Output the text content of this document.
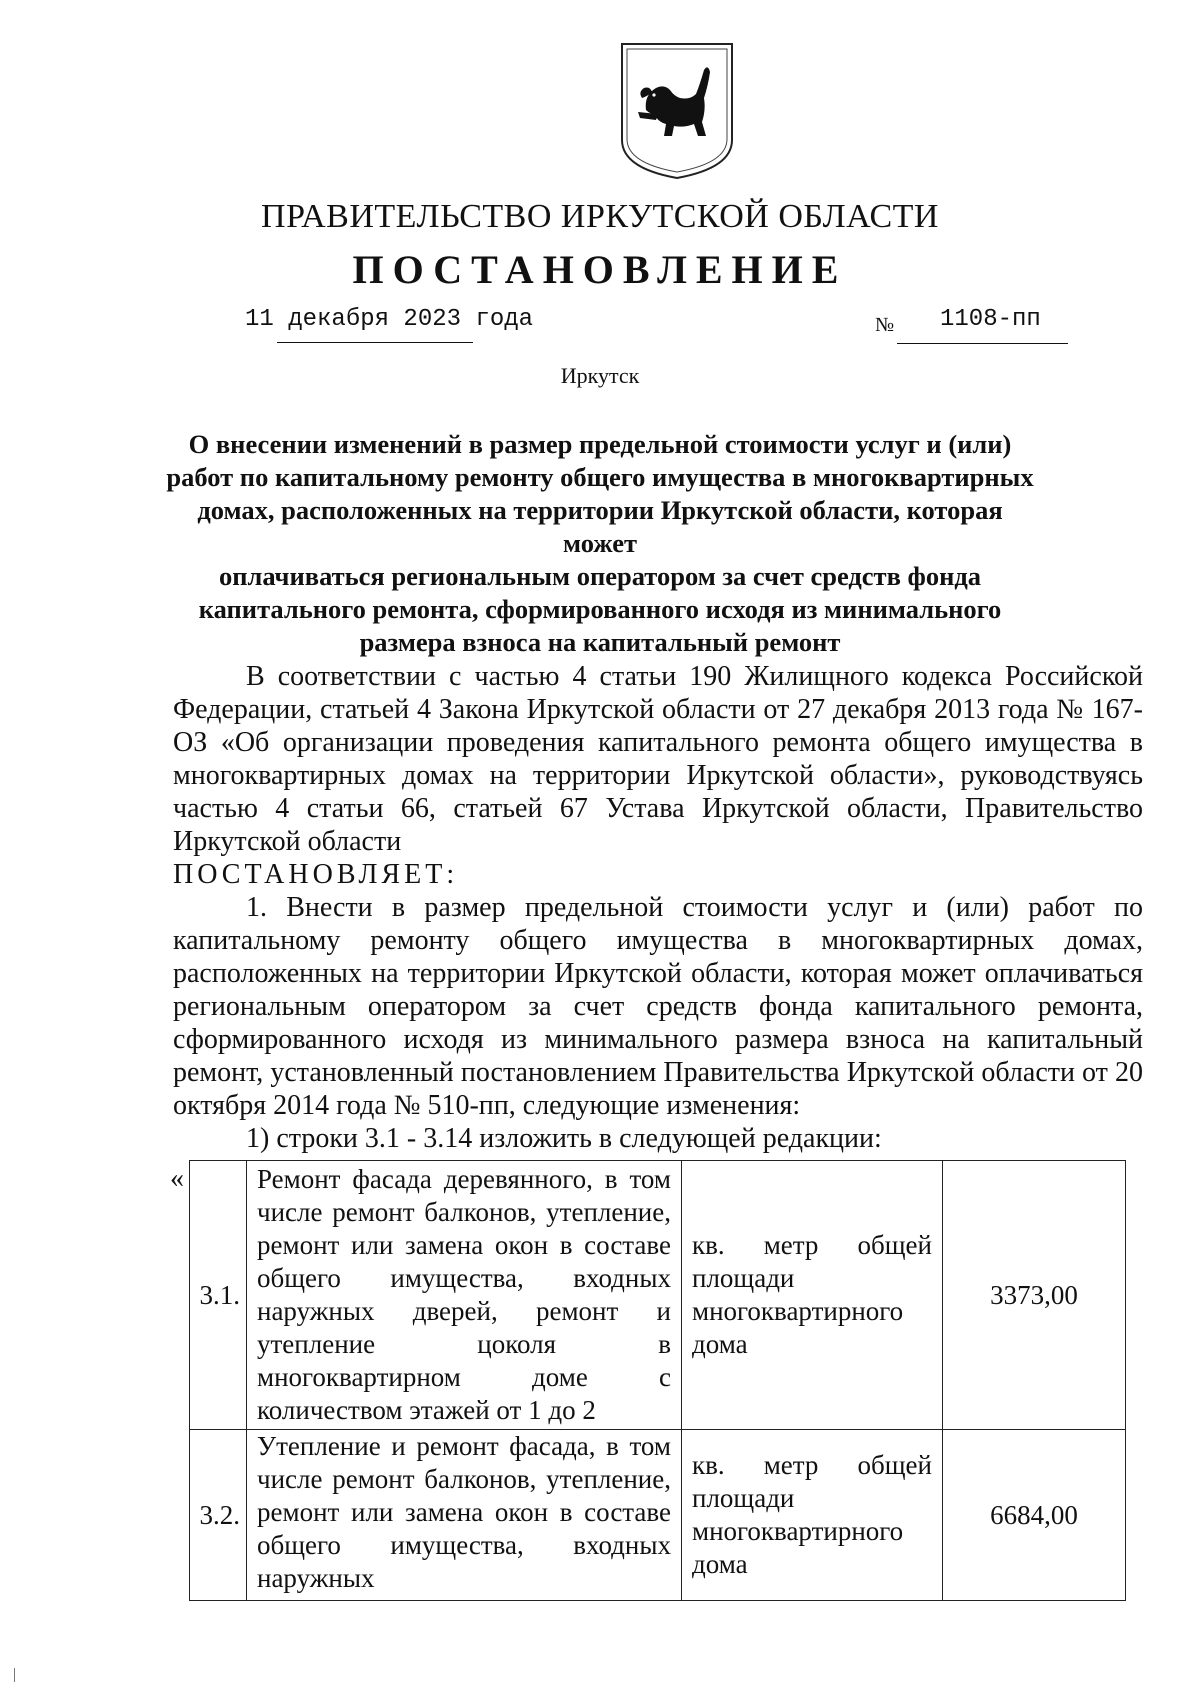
ПРАВИТЕЛЬСТВО ИРКУТСКОЙ ОБЛАСТИ
ПОСТАНОВЛЕНИЕ
11 декабря 2023 года	№ 1108-пп
Иркутск
О внесении изменений в размер предельной стоимости услуг и (или)
работ по капитальному ремонту общего имущества в многоквартирных
домах, расположенных на территории Иркутской области, которая может
оплачиваться региональным оператором за счет средств фонда
капитального ремонта, сформированного исходя из минимального
размера взноса на капитальный ремонт

В соответствии с частью 4 статьи 190 Жилищного кодекса Российской Федерации, статьей 4 Закона Иркутской области от 27 декабря 2013 года № 167-ОЗ «Об организации проведения капитального ремонта общего имущества в многоквартирных домах на территории Иркутской области», руководствуясь частью 4 статьи 66, статьей 67 Устава Иркутской области, Правительство Иркутской области

ПОСТАНОВЛЯЕТ:

1. Внести в размер предельной стоимости услуг и (или) работ по капитальному ремонту общего имущества в многоквартирных домах, расположенных на территории Иркутской области, которая может оплачиваться региональным оператором за счет средств фонда капитального ремонта, сформированного исходя из минимального размера взноса на капитальный ремонт, установленный постановлением Правительства Иркутской области от 20 октября 2014 года № 510-пп, следующие изменения:

1) строки 3.1 - 3.14 изложить в следующей редакции:

«
3.1.	Ремонт фасада деревянного, в том числе ремонт балконов, утепление, ремонт или замена окон в составе общего имущества, входных наружных дверей, ремонт и утепление цоколя в многоквартирном доме с количеством этажей от 1 до 2	кв. метр общей площади многоквартирного дома	3373,00
3.2.	Утепление и ремонт фасада, в том числе ремонт балконов, утепление, ремонт или замена окон в составе общего имущества, входных наружных	кв. метр общей площади многоквартирного дома	6684,00
